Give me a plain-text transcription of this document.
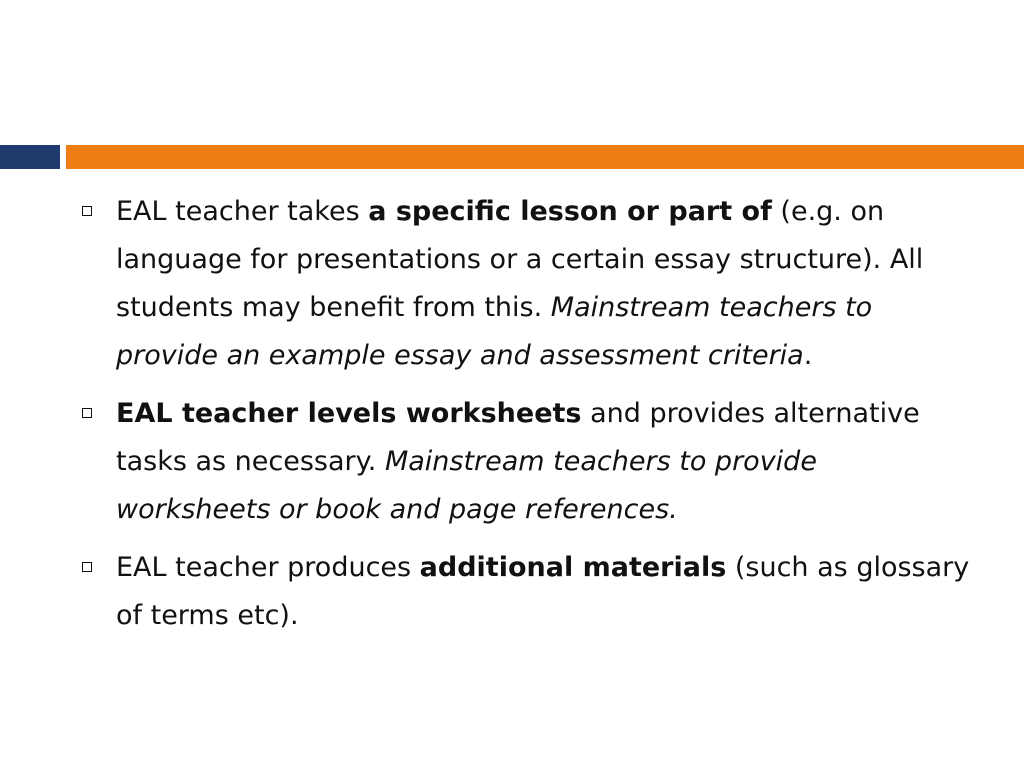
EAL teacher takes a specific lesson or part of (e.g. on language for presentations or a certain essay structure). All students may benefit from this. Mainstream teachers to provide an example essay and assessment criteria.

EAL teacher levels worksheets and provides alternative tasks as necessary. Mainstream teachers to provide worksheets or book and page references.

EAL teacher produces additional materials (such as glossary of terms etc).
